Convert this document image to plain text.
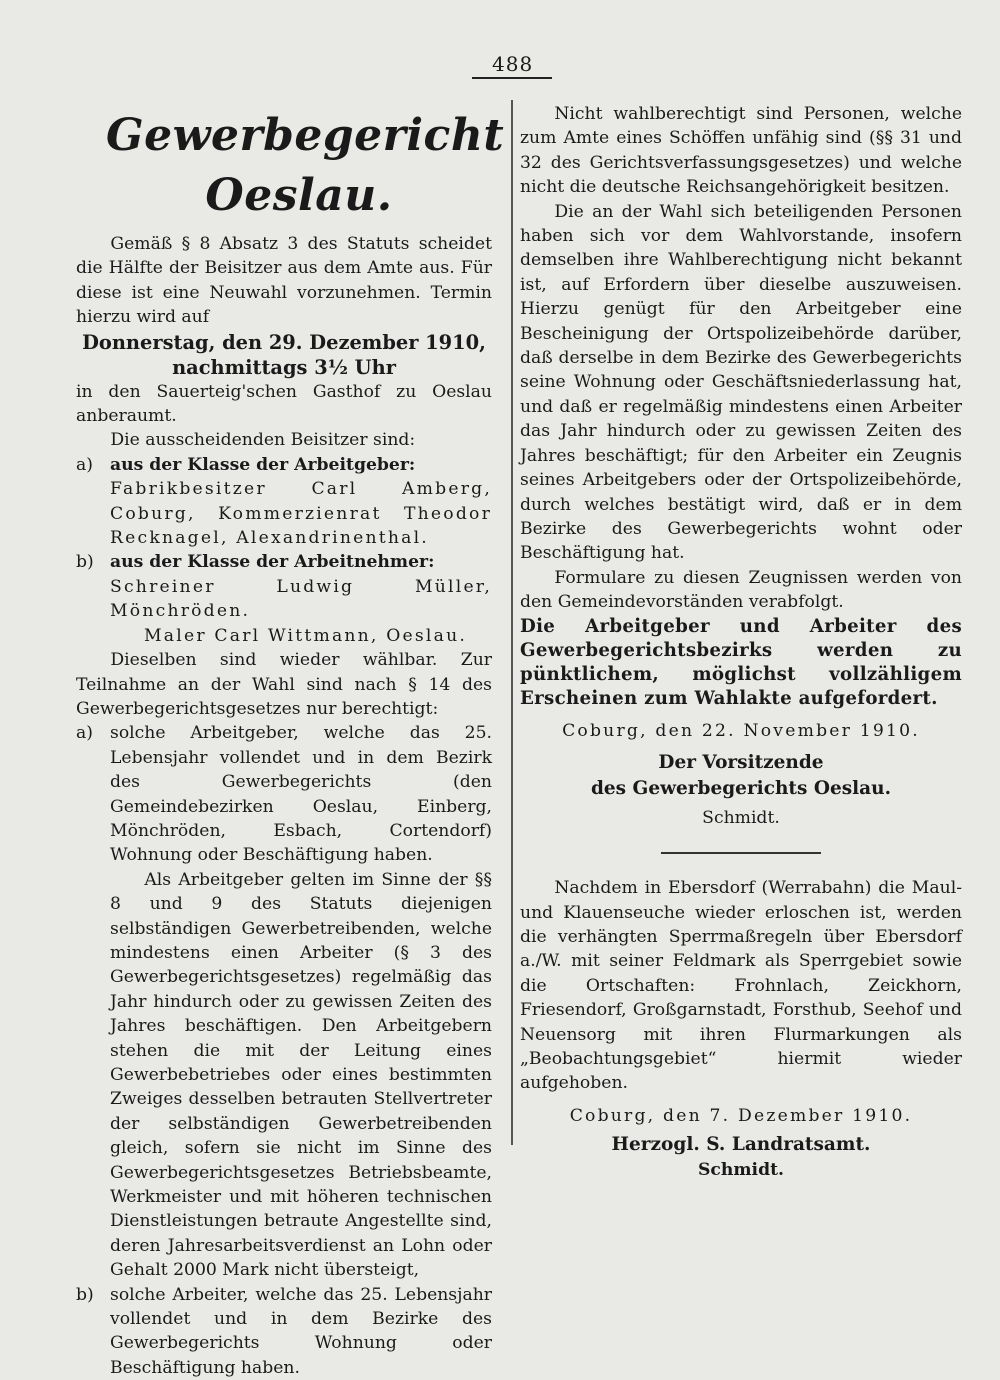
488
Gewerbegericht Oeslau.

Gemäß § 8 Absatz 3 des Statuts scheidet die Hälfte der Beisitzer aus dem Amte aus. Für diese ist eine Neuwahl vorzunehmen. Termin hierzu wird auf

Donnerstag, den 29. Dezember 1910,

nachmittags 3½ Uhr

in den Sauerteig'schen Gasthof zu Oeslau anberaumt.

Die ausscheidenden Beisitzer sind:

a) aus der Klasse der Arbeitgeber:

Fabrikbesitzer Carl Amberg, Coburg, Kommerzienrat Theodor Recknagel, Alexandrinenthal.

b) aus der Klasse der Arbeitnehmer:

Schreiner Ludwig Müller, Mönchröden.

Maler Carl Wittmann, Oeslau.

Dieselben sind wieder wählbar. Zur Teilnahme an der Wahl sind nach § 14 des Gewerbegerichtsgesetzes nur berechtigt:

a) solche Arbeitgeber, welche das 25. Lebensjahr vollendet und in dem Bezirk des Gewerbegerichts (den Gemeindebezirken Oeslau, Einberg, Mönchröden, Esbach, Cortendorf) Wohnung oder Beschäftigung haben.

Als Arbeitgeber gelten im Sinne der §§ 8 und 9 des Statuts diejenigen selbständigen Gewerbetreibenden, welche mindestens einen Arbeiter (§ 3 des Gewerbegerichtsgesetzes) regelmäßig das Jahr hindurch oder zu gewissen Zeiten des Jahres beschäftigen. Den Arbeitgebern stehen die mit der Leitung eines Gewerbebetriebes oder eines bestimmten Zweiges desselben betrauten Stellvertreter der selbständigen Gewerbetreibenden gleich, sofern sie nicht im Sinne des Gewerbegerichtsgesetzes Betriebsbeamte, Werkmeister und mit höheren technischen Dienstleistungen betraute Angestellte sind, deren Jahresarbeitsverdienst an Lohn oder Gehalt 2000 Mark nicht übersteigt,

b) solche Arbeiter, welche das 25. Lebensjahr vollendet und in dem Bezirke des Gewerbegerichts Wohnung oder Beschäftigung haben.

Nicht wahlberechtigt sind Personen, welche zum Amte eines Schöffen unfähig sind (§§ 31 und 32 des Gerichtsverfassungsgesetzes) und welche nicht die deutsche Reichsangehörigkeit besitzen.

Die an der Wahl sich beteiligenden Personen haben sich vor dem Wahlvorstande, insofern demselben ihre Wahlberechtigung nicht bekannt ist, auf Erfordern über dieselbe auszuweisen. Hierzu genügt für den Arbeitgeber eine Bescheinigung der Ortspolizeibehörde darüber, daß derselbe in dem Bezirke des Gewerbegerichts seine Wohnung oder Geschäftsniederlassung hat, und daß er regelmäßig mindestens einen Arbeiter das Jahr hindurch oder zu gewissen Zeiten des Jahres beschäftigt; für den Arbeiter ein Zeugnis seines Arbeitgebers oder der Ortspolizeibehörde, durch welches bestätigt wird, daß er in dem Bezirke des Gewerbegerichts wohnt oder Beschäftigung hat.

Formulare zu diesen Zeugnissen werden von den Gemeindevorständen verabfolgt.

Die Arbeitgeber und Arbeiter des Gewerbegerichtsbezirks werden zu pünktlichem, möglichst vollzähligem Erscheinen zum Wahlakte aufgefordert.

Coburg, den 22. November 1910.

Der Vorsitzende

des Gewerbegerichts Oeslau.

Schmidt.

Nachdem in Ebersdorf (Werrabahn) die Maul- und Klauenseuche wieder erloschen ist, werden die verhängten Sperrmaßregeln über Ebersdorf a./W. mit seiner Feldmark als Sperrgebiet sowie die Ortschaften: Frohnlach, Zeickhorn, Friesendorf, Großgarnstadt, Forsthub, Seehof und Neuensorg mit ihren Flurmarkungen als „Beobachtungsgebiet“ hiermit wieder aufgehoben.

Coburg, den 7. Dezember 1910.

Herzogl. S. Landratsamt.

Schmidt.
